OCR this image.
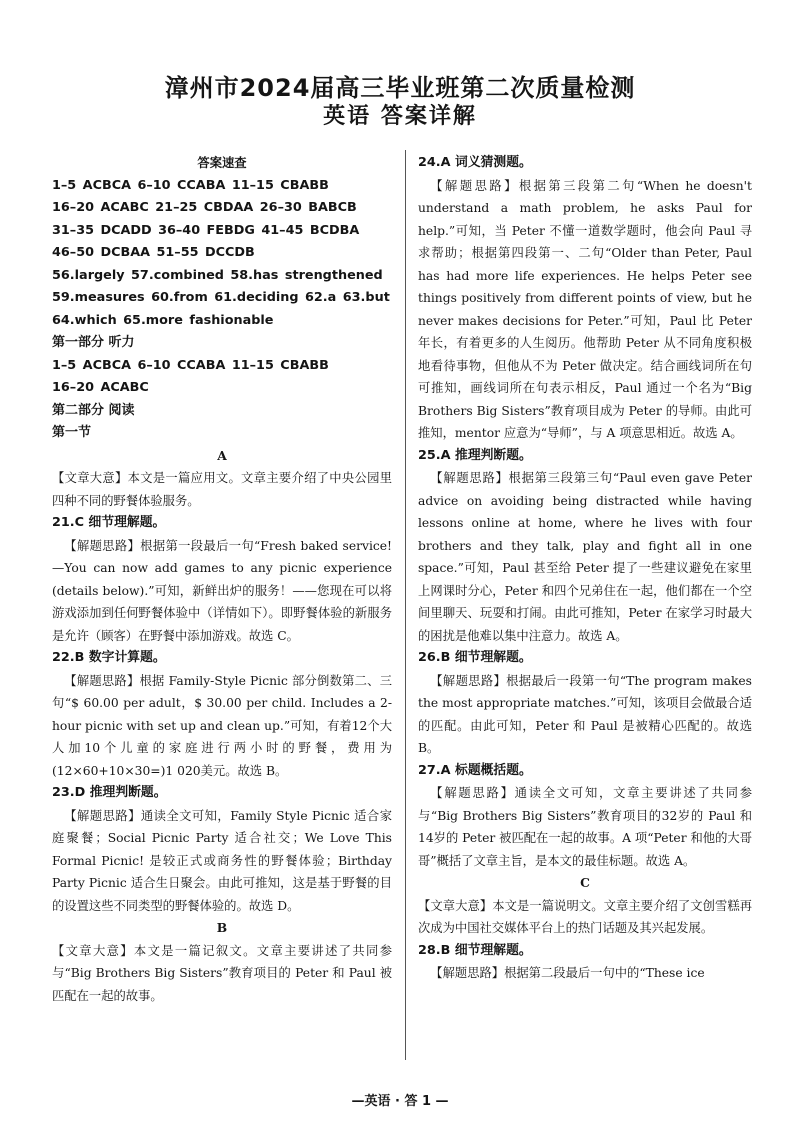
漳州市2024届高三毕业班第二次质量检测
英语 答案详解
答案速查
1–5 ACBCA 6–10 CCABA 11–15 CBABB
16–20 ACABC 21–25 CBDAA 26–30 BABCB
31–35 DCADD 36–40 FEBDG 41–45 BCDBA
46–50 DCBAA 51–55 DCCDB
56.largely 57.combined 58.has strengthened
59.measures 60.from 61.deciding 62.a 63.but
64.which 65.more fashionable
第一部分 听力
1–5 ACBCA 6–10 CCABA 11–15 CBABB
16–20 ACABC
第二部分 阅读
第一节
A
【文章大意】本文是一篇应用文。文章主要介绍了中央公园里四种不同的野餐体验服务。
21.C 细节理解题。
【解题思路】根据第一段最后一句“Fresh baked service! —You can now add games to any picnic experience (details below).”可知，新鲜出炉的服务！——您现在可以将游戏添加到任何野餐体验中（详情如下）。即野餐体验的新服务是允许（顾客）在野餐中添加游戏。故选 C。
22.B 数字计算题。
【解题思路】根据 Family-Style Picnic 部分倒数第二、三句“$ 60.00 per adult，$ 30.00 per child. Includes a 2-hour picnic with set up and clean up.”可知，有着12个大人加10个儿童的家庭进行两小时的野餐，费用为(12×60+10×30=)1 020美元。故选 B。
23.D 推理判断题。
【解题思路】通读全文可知，Family Style Picnic 适合家庭聚餐；Social Picnic Party 适合社交；We Love This Formal Picnic! 是较正式或商务性的野餐体验；Birthday Party Picnic 适合生日聚会。由此可推知，这是基于野餐的目的设置这些不同类型的野餐体验的。故选 D。
B
【文章大意】本文是一篇记叙文。文章主要讲述了共同参与“Big Brothers Big Sisters”教育项目的 Peter 和 Paul 被匹配在一起的故事。
24.A 词义猜测题。
【解题思路】根据第三段第二句“When he doesn't understand a math problem, he asks Paul for help.”可知，当 Peter 不懂一道数学题时，他会向 Paul 寻求帮助；根据第四段第一、二句“Older than Peter, Paul has had more life experiences. He helps Peter see things positively from different points of view, but he never makes decisions for Peter.”可知，Paul 比 Peter 年长，有着更多的人生阅历。他帮助 Peter 从不同角度积极地看待事物，但他从不为 Peter 做决定。结合画线词所在句可推知，画线词所在句表示相反，Paul 通过一个名为“Big Brothers Big Sisters”教育项目成为 Peter 的导师。由此可推知，mentor 应意为“导师”，与 A 项意思相近。故选 A。
25.A 推理判断题。
【解题思路】根据第三段第三句“Paul even gave Peter advice on avoiding being distracted while having lessons online at home, where he lives with four brothers and they talk, play and fight all in one space.”可知，Paul 甚至给 Peter 提了一些建议避免在家里上网课时分心，Peter 和四个兄弟住在一起，他们都在一个空间里聊天、玩耍和打闹。由此可推知，Peter 在家学习时最大的困扰是他难以集中注意力。故选 A。
26.B 细节理解题。
【解题思路】根据最后一段第一句“The program makes the most appropriate matches.”可知，该项目会做最合适的匹配。由此可知，Peter 和 Paul 是被精心匹配的。故选 B。
27.A 标题概括题。
【解题思路】通读全文可知，文章主要讲述了共同参与“Big Brothers Big Sisters”教育项目的32岁的 Paul 和14岁的 Peter 被匹配在一起的故事。A 项“Peter 和他的大哥哥”概括了文章主旨，是本文的最佳标题。故选 A。
C
【文章大意】本文是一篇说明文。文章主要介绍了文创雪糕再次成为中国社交媒体平台上的热门话题及其兴起发展。
28.B 细节理解题。
【解题思路】根据第二段最后一句中的“These ice
—英语 · 答 1 —
